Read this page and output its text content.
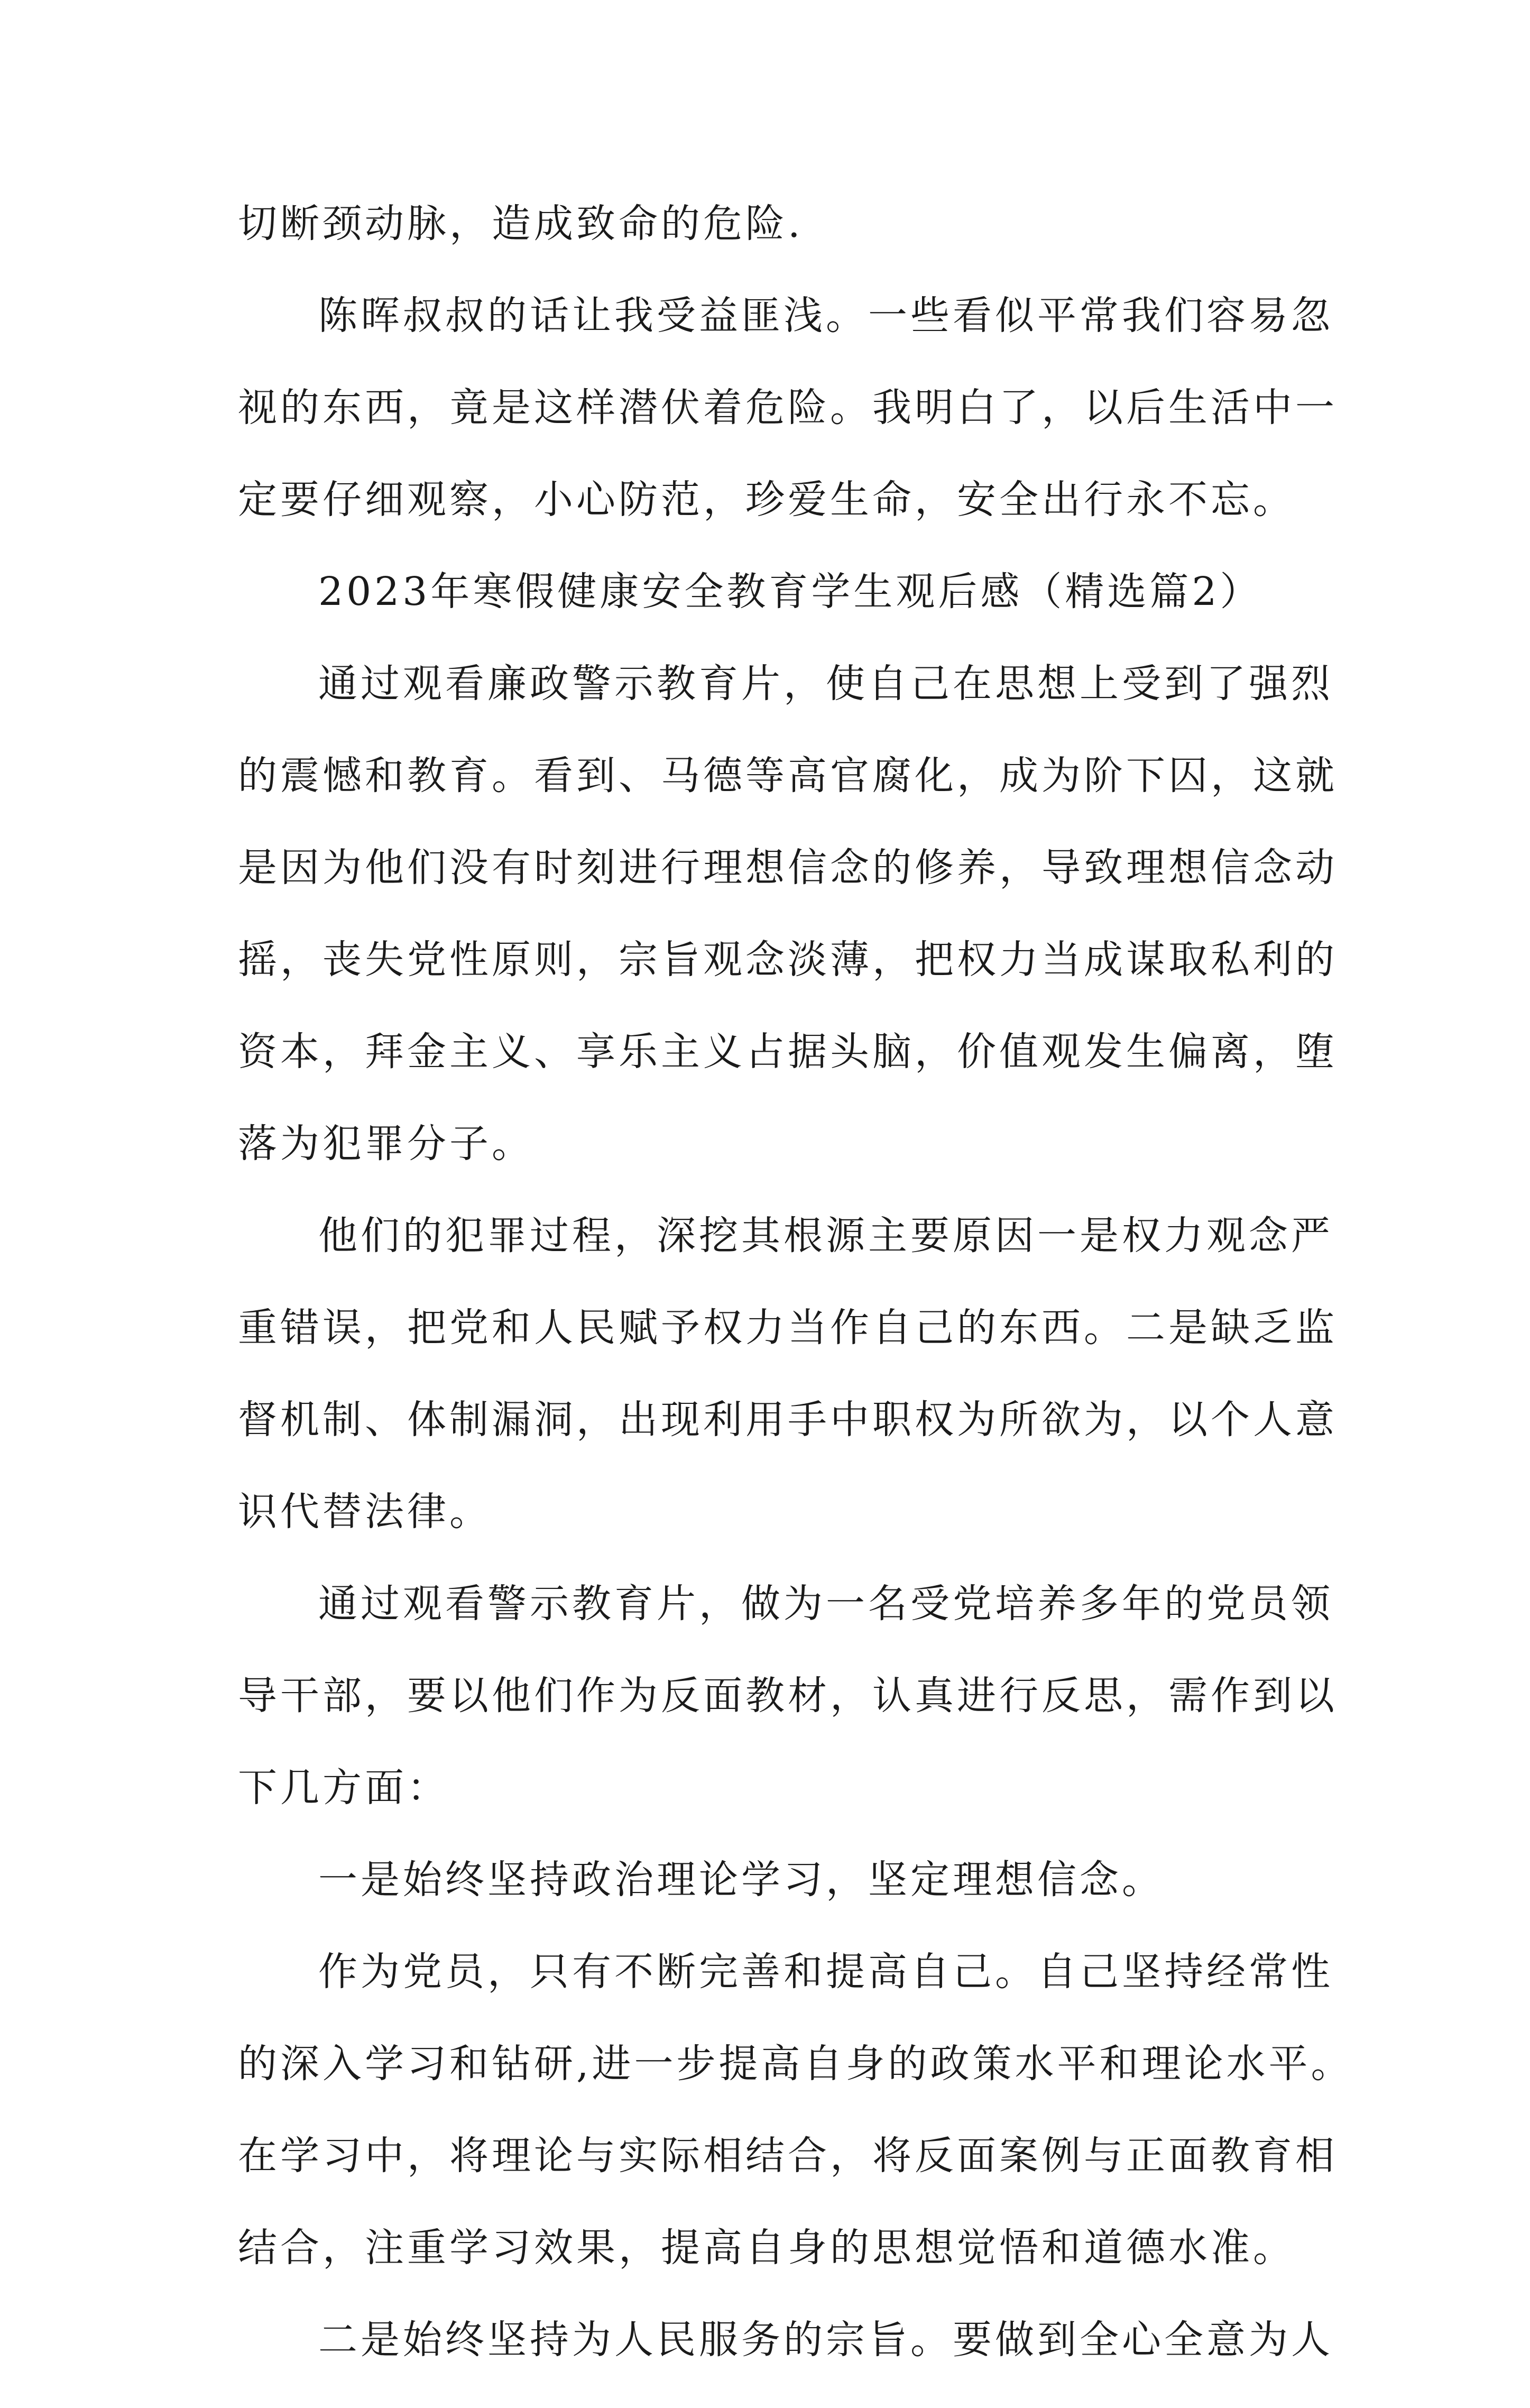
切断颈动脉，造成致命的危险.

陈晖叔叔的话让我受益匪浅。一些看似平常我们容易忽

视的东西，竟是这样潜伏着危险。我明白了，以后生活中一

定要仔细观察，小心防范，珍爱生命，安全出行永不忘。

2023年寒假健康安全教育学生观后感（精选篇2）

通过观看廉政警示教育片，使自己在思想上受到了强烈

的震憾和教育。看到、马德等高官腐化，成为阶下囚，这就

是因为他们没有时刻进行理想信念的修养，导致理想信念动

摇，丧失党性原则，宗旨观念淡薄，把权力当成谋取私利的

资本，拜金主义、享乐主义占据头脑，价值观发生偏离，堕

落为犯罪分子。

他们的犯罪过程，深挖其根源主要原因一是权力观念严

重错误，把党和人民赋予权力当作自己的东西。二是缺乏监

督机制、体制漏洞，出现利用手中职权为所欲为，以个人意

识代替法律。

通过观看警示教育片，做为一名受党培养多年的党员领

导干部，要以他们作为反面教材，认真进行反思，需作到以

下几方面：

一是始终坚持政治理论学习，坚定理想信念。

作为党员，只有不断完善和提高自己。自己坚持经常性

的深入学习和钻研,进一步提高自身的政策水平和理论水平。

在学习中，将理论与实际相结合，将反面案例与正面教育相

结合，注重学习效果，提高自身的思想觉悟和道德水准。

二是始终坚持为人民服务的宗旨。要做到全心全意为人
